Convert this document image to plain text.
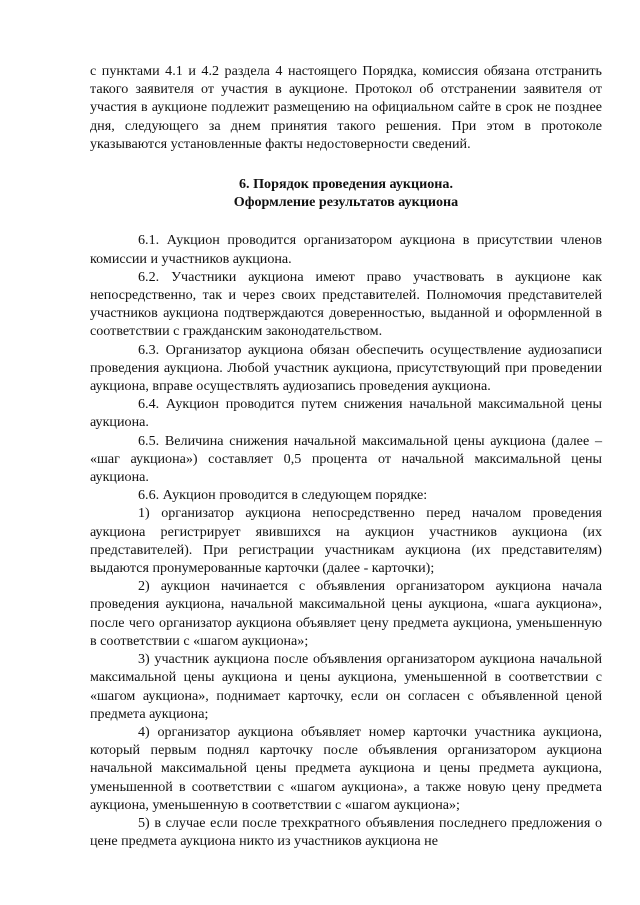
с пунктами 4.1 и 4.2 раздела 4 настоящего Порядка, комиссия обязана отстранить такого заявителя от участия в аукционе. Протокол об отстранении заявителя от участия в аукционе подлежит размещению на официальном сайте в срок не позднее дня, следующего за днем принятия такого решения. При этом в протоколе указываются установленные факты недостоверности сведений.

6. Порядок проведения аукциона.
Оформление результатов аукциона

6.1. Аукцион проводится организатором аукциона в присутствии членов комиссии и участников аукциона.

6.2. Участники аукциона имеют право участвовать в аукционе как непосредственно, так и через своих представителей. Полномочия представителей участников аукциона подтверждаются доверенностью, выданной и оформленной в соответствии с гражданским законодательством.

6.3. Организатор аукциона обязан обеспечить осуществление аудиозаписи проведения аукциона. Любой участник аукциона, присутствующий при проведении аукциона, вправе осуществлять аудиозапись проведения аукциона.

6.4. Аукцион проводится путем снижения начальной максимальной цены аукциона.

6.5. Величина снижения начальной максимальной цены аукциона (далее – «шаг аукциона») составляет 0,5 процента от начальной максимальной цены аукциона.

6.6. Аукцион проводится в следующем порядке:

1) организатор аукциона непосредственно перед началом проведения аукциона регистрирует явившихся на аукцион участников аукциона (их представителей). При регистрации участникам аукциона (их представителям) выдаются пронумерованные карточки (далее - карточки);

2) аукцион начинается с объявления организатором аукциона начала проведения аукциона, начальной максимальной цены аукциона, «шага аукциона», после чего организатор аукциона объявляет цену предмета аукциона, уменьшенную в соответствии с «шагом аукциона»;

3) участник аукциона после объявления организатором аукциона начальной максимальной цены аукциона и цены аукциона, уменьшенной в соответствии с «шагом аукциона», поднимает карточку, если он согласен с объявленной ценой предмета аукциона;

4) организатор аукциона объявляет номер карточки участника аукциона, который первым поднял карточку после объявления организатором аукциона начальной максимальной цены предмета аукциона и цены предмета аукциона, уменьшенной в соответствии с «шагом аукциона», а также новую цену предмета аукциона, уменьшенную в соответствии с «шагом аукциона»;

5) в случае если после трехкратного объявления последнего предложения о цене предмета аукциона никто из участников аукциона не
